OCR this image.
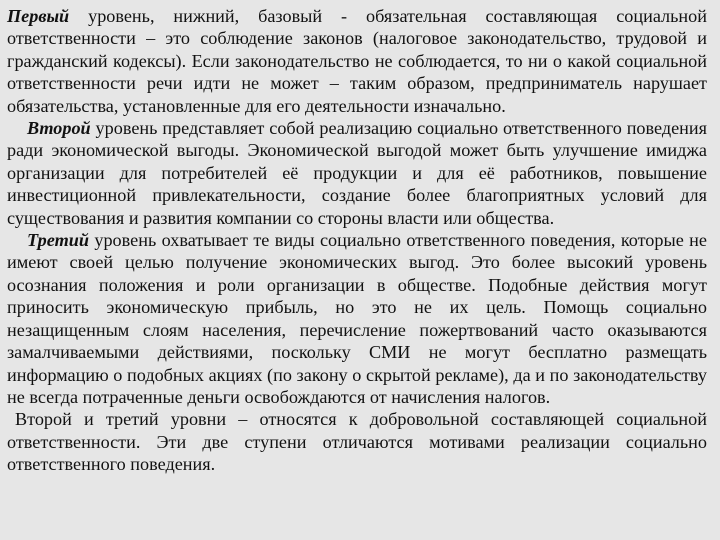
Первый уровень, нижний, базовый - обязательная составляющая социальной ответственности – это соблюдение законов (налоговое законодательство, трудовой и гражданский кодексы). Если законодательство не соблюдается, то ни о какой социальной ответственности речи идти не может – таким образом, предприниматель нарушает обязательства, установленные для его деятельности изначально.

Второй уровень представляет собой реализацию социально ответственного поведения ради экономической выгоды. Экономической выгодой может быть улучшение имиджа организации для потребителей её продукции и для её работников, повышение инвестиционной привлекательности, создание более благоприятных условий для существования и развития компании со стороны власти или общества.

Третий уровень охватывает те виды социально ответственного поведения, которые не имеют своей целью получение экономических выгод. Это более высокий уровень осознания положения и роли организации в обществе. Подобные действия могут приносить экономическую прибыль, но это не их цель. Помощь социально незащищенным слоям населения, перечисление пожертвований часто оказываются замалчиваемыми действиями, поскольку СМИ не могут бесплатно размещать информацию о подобных акциях (по закону о скрытой рекламе), да и по законодательству не всегда потраченные деньги освобождаются от начисления налогов.

Второй и третий уровни – относятся к добровольной составляющей социальной ответственности. Эти две ступени отличаются мотивами реализации социально ответственного поведения.
